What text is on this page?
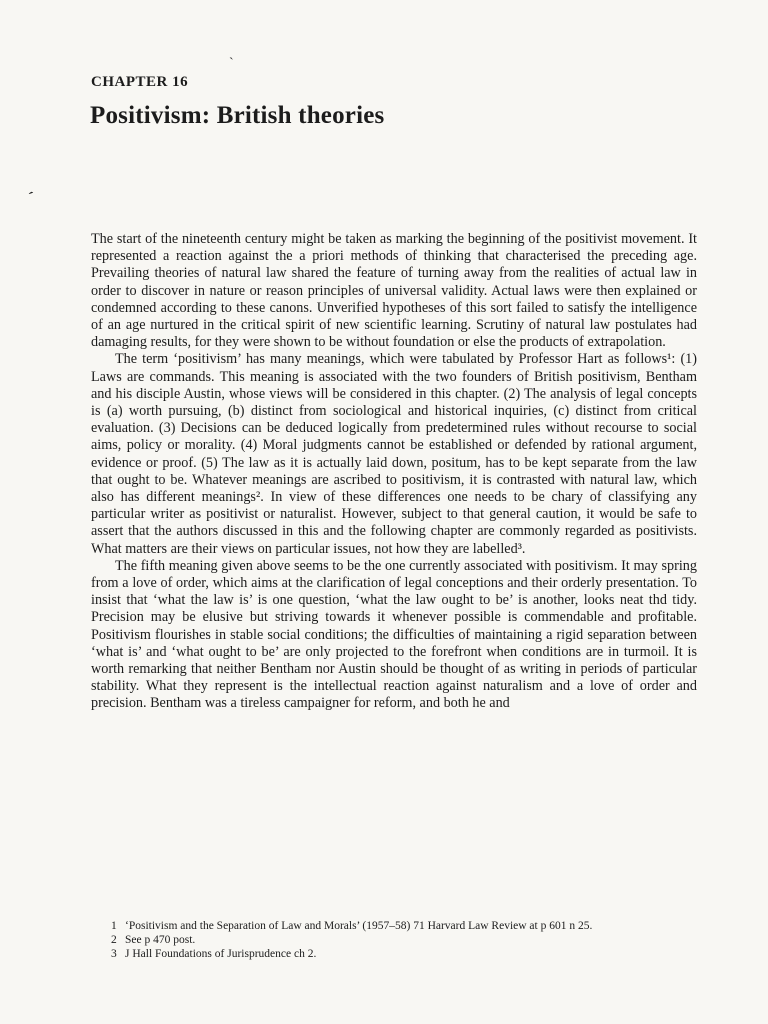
ˋ
ˊ
CHAPTER 16
Positivism: British theories

The start of the nineteenth century might be taken as marking the beginning of the positivist movement. It represented a reaction against the a priori methods of thinking that characterised the preceding age. Prevailing theories of natural law shared the feature of turning away from the realities of actual law in order to discover in nature or reason principles of universal validity. Actual laws were then explained or condemned according to these canons. Unverified hypotheses of this sort failed to satisfy the intelligence of an age nurtured in the critical spirit of new scientific learning. Scrutiny of natural law postulates had damaging results, for they were shown to be without foundation or else the products of extrapolation.

The term ‘positivism’ has many meanings, which were tabulated by Professor Hart as follows¹: (1) Laws are commands. This meaning is associated with the two founders of British positivism, Bentham and his disciple Austin, whose views will be considered in this chapter. (2) The analysis of legal concepts is (a) worth pursuing, (b) distinct from sociological and historical inquiries, (c) distinct from critical evaluation. (3) Decisions can be deduced logically from predetermined rules without recourse to social aims, policy or morality. (4) Moral judgments cannot be established or defended by rational argument, evidence or proof. (5) The law as it is actually laid down, positum, has to be kept separate from the law that ought to be. Whatever meanings are ascribed to positivism, it is contrasted with natural law, which also has different meanings². In view of these differences one needs to be chary of classifying any particular writer as positivist or naturalist. However, subject to that general caution, it would be safe to assert that the authors discussed in this and the following chapter are commonly regarded as positivists. What matters are their views on particular issues, not how they are labelled³.

The fifth meaning given above seems to be the one currently associated with positivism. It may spring from a love of order, which aims at the clarification of legal conceptions and their orderly presentation. To insist that ‘what the law is’ is one question, ‘what the law ought to be’ is another, looks neat thd tidy. Precision may be elusive but striving towards it whenever possible is commendable and profitable. Positivism flourishes in stable social conditions; the difficulties of maintaining a rigid separation between ‘what is’ and ‘what ought to be’ are only projected to the forefront when conditions are in turmoil. It is worth remarking that neither Bentham nor Austin should be thought of as writing in periods of particular stability. What they represent is the intellectual reaction against naturalism and a love of order and precision. Bentham was a tireless campaigner for reform, and both he and

1 ‘Positivism and the Separation of Law and Morals’ (1957–58) 71 Harvard Law Review at p 601 n 25.

2 See p 470 post.

3 J Hall Foundations of Jurisprudence ch 2.
